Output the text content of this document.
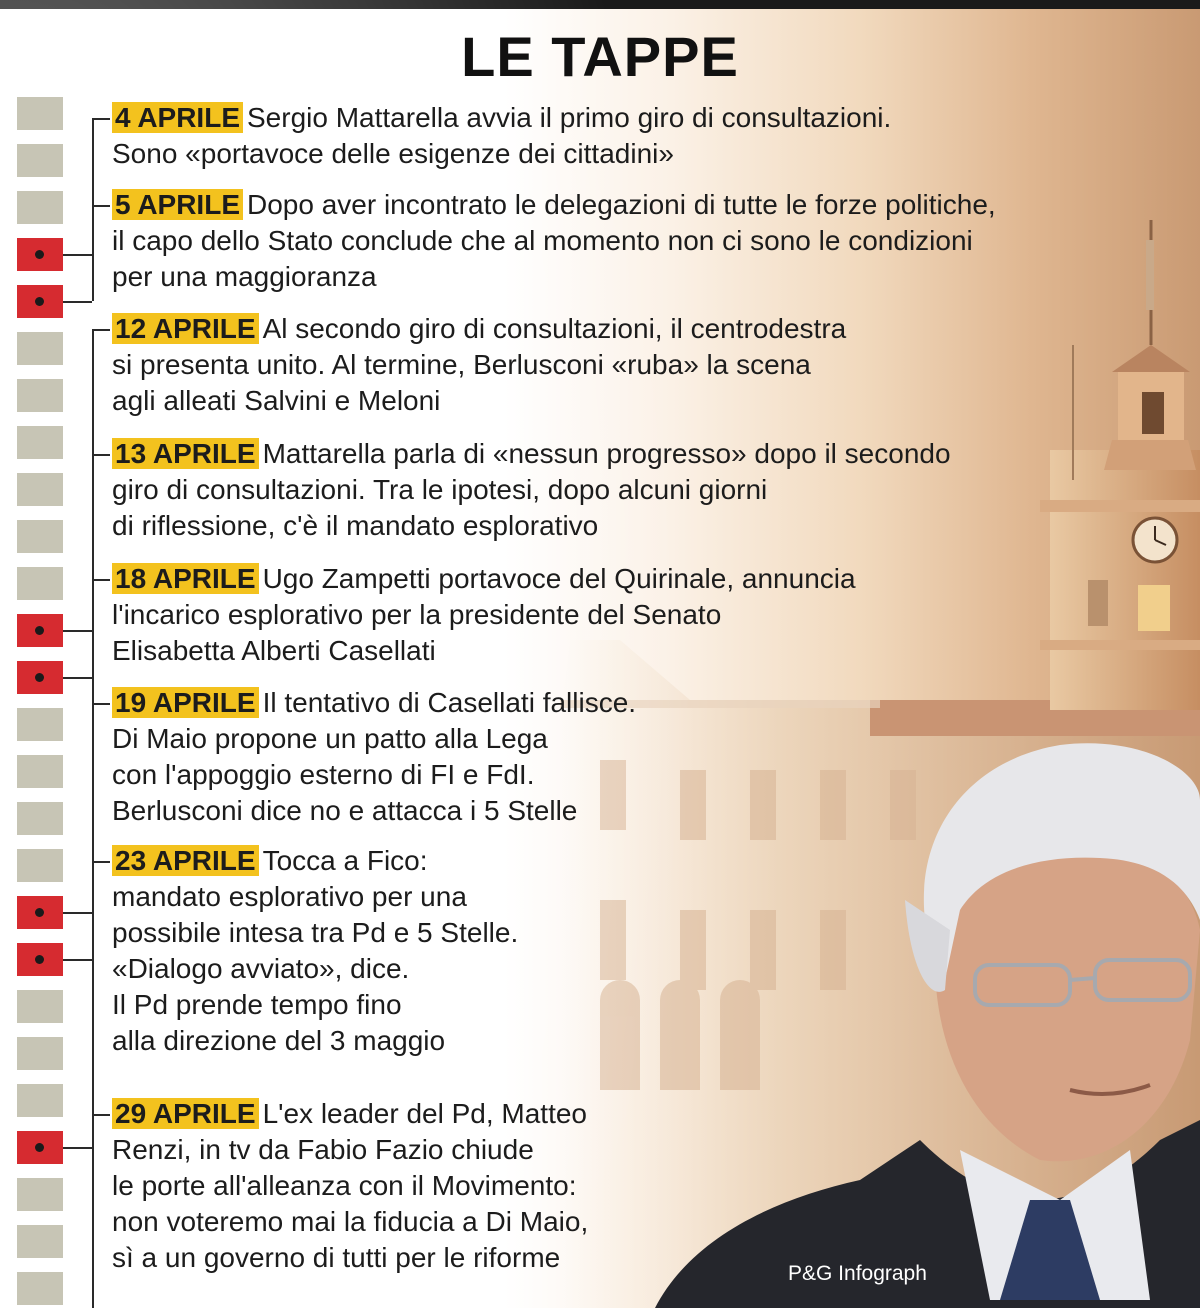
LE TAPPE
4 APRILE Sergio Mattarella avvia il primo giro di consultazioni.
Sono «portavoce delle esigenze dei cittadini»
5 APRILE Dopo aver incontrato le delegazioni di tutte le forze politiche,
il capo dello Stato conclude che al momento non ci sono le condizioni
per una maggioranza
12 APRILE Al secondo giro di consultazioni, il centrodestra
si presenta unito. Al termine, Berlusconi «ruba» la scena
agli alleati Salvini e Meloni
13 APRILE Mattarella parla di «nessun progresso» dopo il secondo
giro di consultazioni. Tra le ipotesi, dopo alcuni giorni
di riflessione, c'è il mandato esplorativo
18 APRILE Ugo Zampetti portavoce del Quirinale, annuncia
l'incarico esplorativo per la presidente del Senato
Elisabetta Alberti Casellati
19 APRILE Il tentativo di Casellati fallisce.
Di Maio propone un patto alla Lega
con l'appoggio esterno di FI e FdI.
Berlusconi dice no e attacca i 5 Stelle
23 APRILE Tocca a Fico:
mandato esplorativo per una
possibile intesa tra Pd e 5 Stelle.
«Dialogo avviato», dice.
Il Pd prende tempo fino
alla direzione del 3 maggio
29 APRILE L'ex leader del Pd, Matteo
Renzi, in tv da Fabio Fazio chiude
le porte all'alleanza con il Movimento:
non voteremo mai la fiducia a Di Maio,
sì a un governo di tutti per le riforme
P&G Infograph
